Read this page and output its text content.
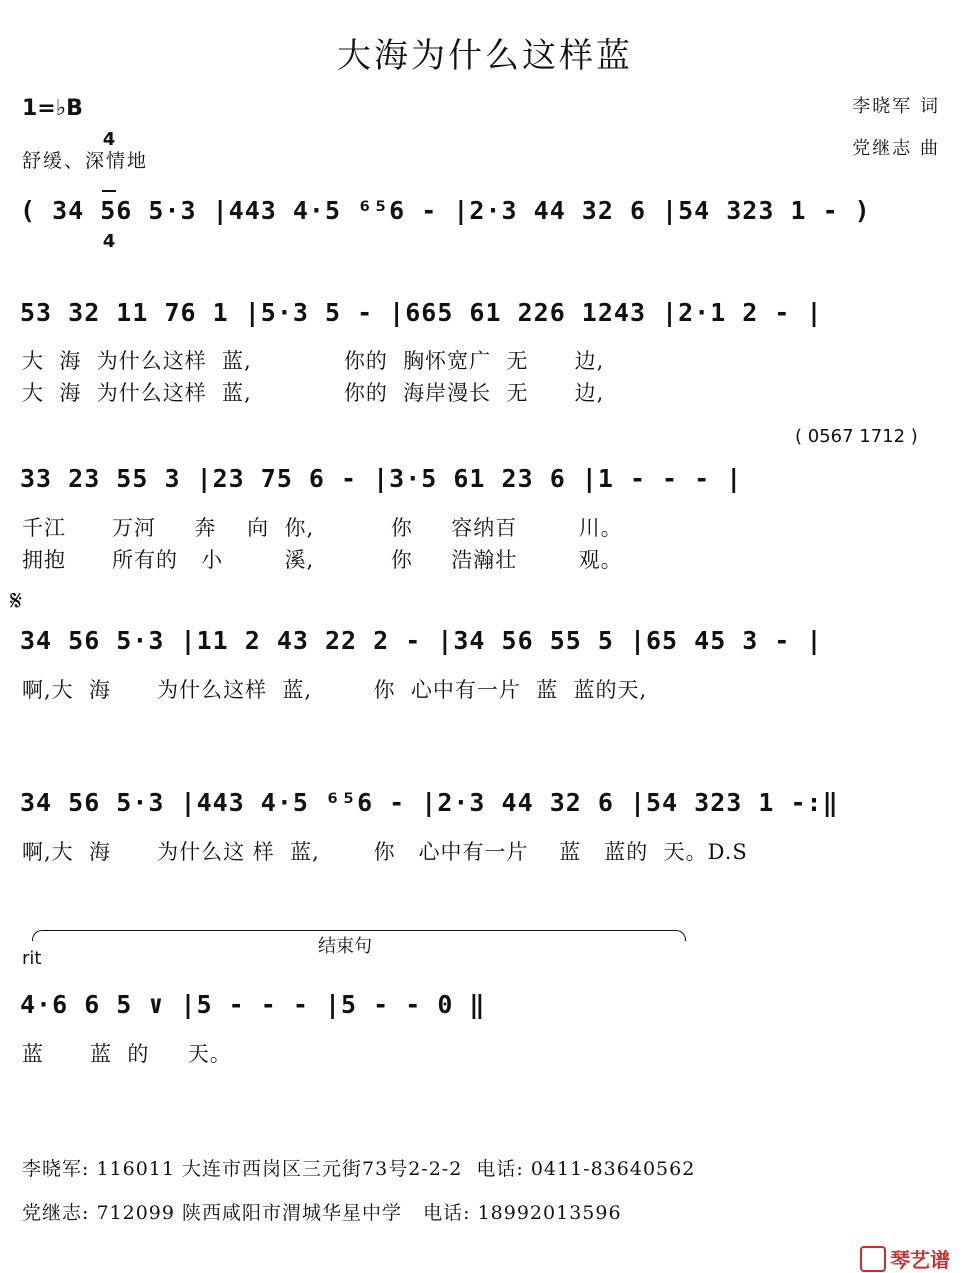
大海为什么这样蓝
1=♭B

4

4

舒缓、深情地
李晓军 词
党继志 曲
( 34 56 5·3 |443 4·5 ⁶⁵6 - |2·3 44 32 6 |54 323 1 - )
53 32 11 76 1 |5·3 5 - |665 61 226 1243 |2·1 2 - |
大  海  为什么这样  蓝,            你的  胸怀宽广  无      边,
大  海  为什么这样  蓝,            你的  海岸漫长  无      边,
( 0567 1712 )
33 23 55 3 |23 75 6 - |3·5 61 23 6 |1 - - - |
千江      万河     奔    向  你,          你     容纳百        川。
拥抱      所有的   小        溪,          你     浩瀚壮        观。
𝄋
34 56 5·3 |11 2 43 22 2 - |34 56 55 5 |65 45 3 - |
啊,大  海      为什么这样  蓝,        你  心中有一片  蓝  蓝的天,
34 56 5·3 |443 4·5 ⁶⁵6 - |2·3 44 32 6 |54 323 1 -:‖
啊,大  海      为什么这 样  蓝,       你   心中有一片    蓝   蓝的  天。D.S
结束句
rit
4·6 6 5 ∨ |5 - - - |5 - - 0 ‖
蓝      蓝  的     天。
李晓军: 116011 大连市西岗区三元街73号2-2-2  电话: 0411-83640562
党继志: 712099 陕西咸阳市渭城华星中学   电话: 18992013596

琴艺谱
